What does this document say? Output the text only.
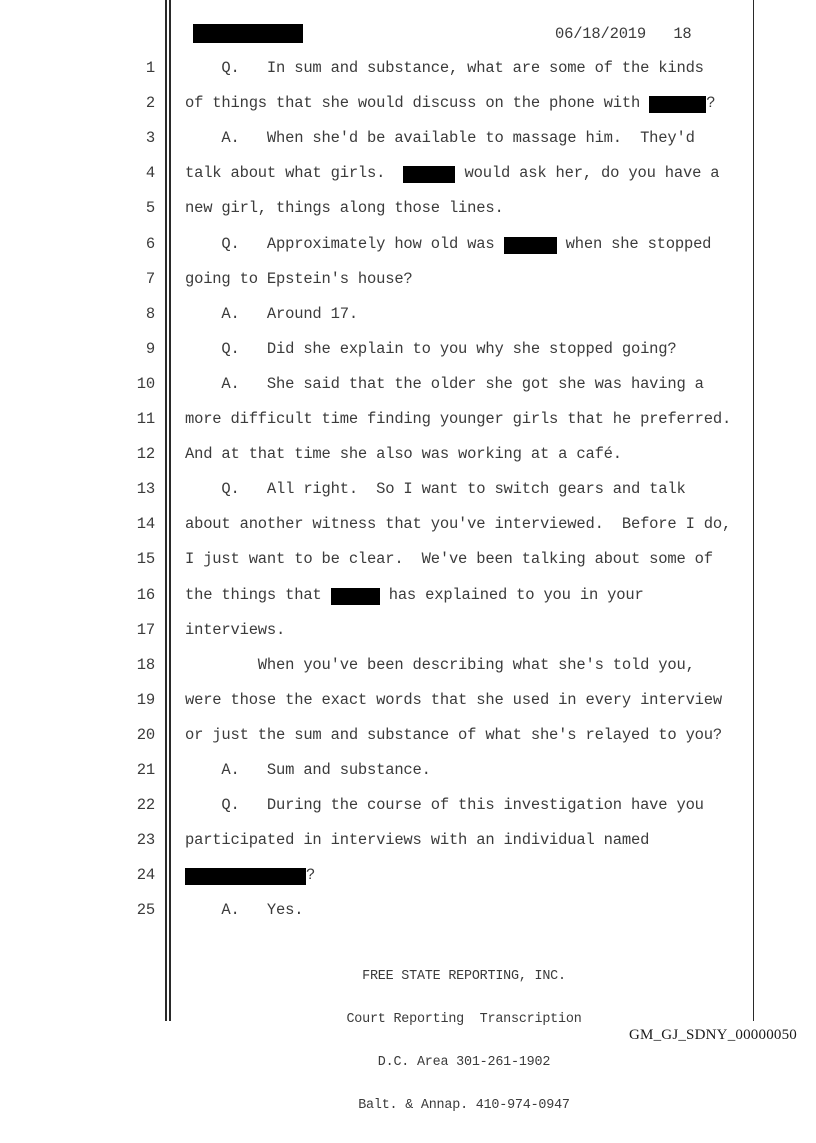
06/18/2019 18
1 Q.   In sum and substance, what are some of the kinds
2 of things that she would discuss on the phone with	?
3 A.   When she'd be available to massage him.  They'd
4 talk about what girls.	would ask her, do you have a
5 new girl, things along those lines.
6 Q.   Approximately how old was	when she stopped
7 going to Epstein's house?
8 A.   Around 17.
9 Q.   Did she explain to you why she stopped going?
10 A.   She said that the older she got she was having a
11 more difficult time finding younger girls that he preferred.
12 And at that time she also was working at a café.
13 Q.   All right.  So I want to switch gears and talk
14 about another witness that you've interviewed.  Before I do,
15 I just want to be clear.  We've been talking about some of
16 the things that	has explained to you in your
17 interviews.
18 When you've been describing what she's told you,
19 were those the exact words that she used in every interview
20 or just the sum and substance of what she's relayed to you?
21 A.   Sum and substance.
22 Q.   During the course of this investigation have you
23 participated in interviews with an individual named
24	?
25 A.   Yes.

FREE STATE REPORTING, INC.

Court Reporting  Transcription

D.C. Area 301-261-1902

Balt. & Annap. 410-974-0947

GM_GJ_SDNY_00000050
